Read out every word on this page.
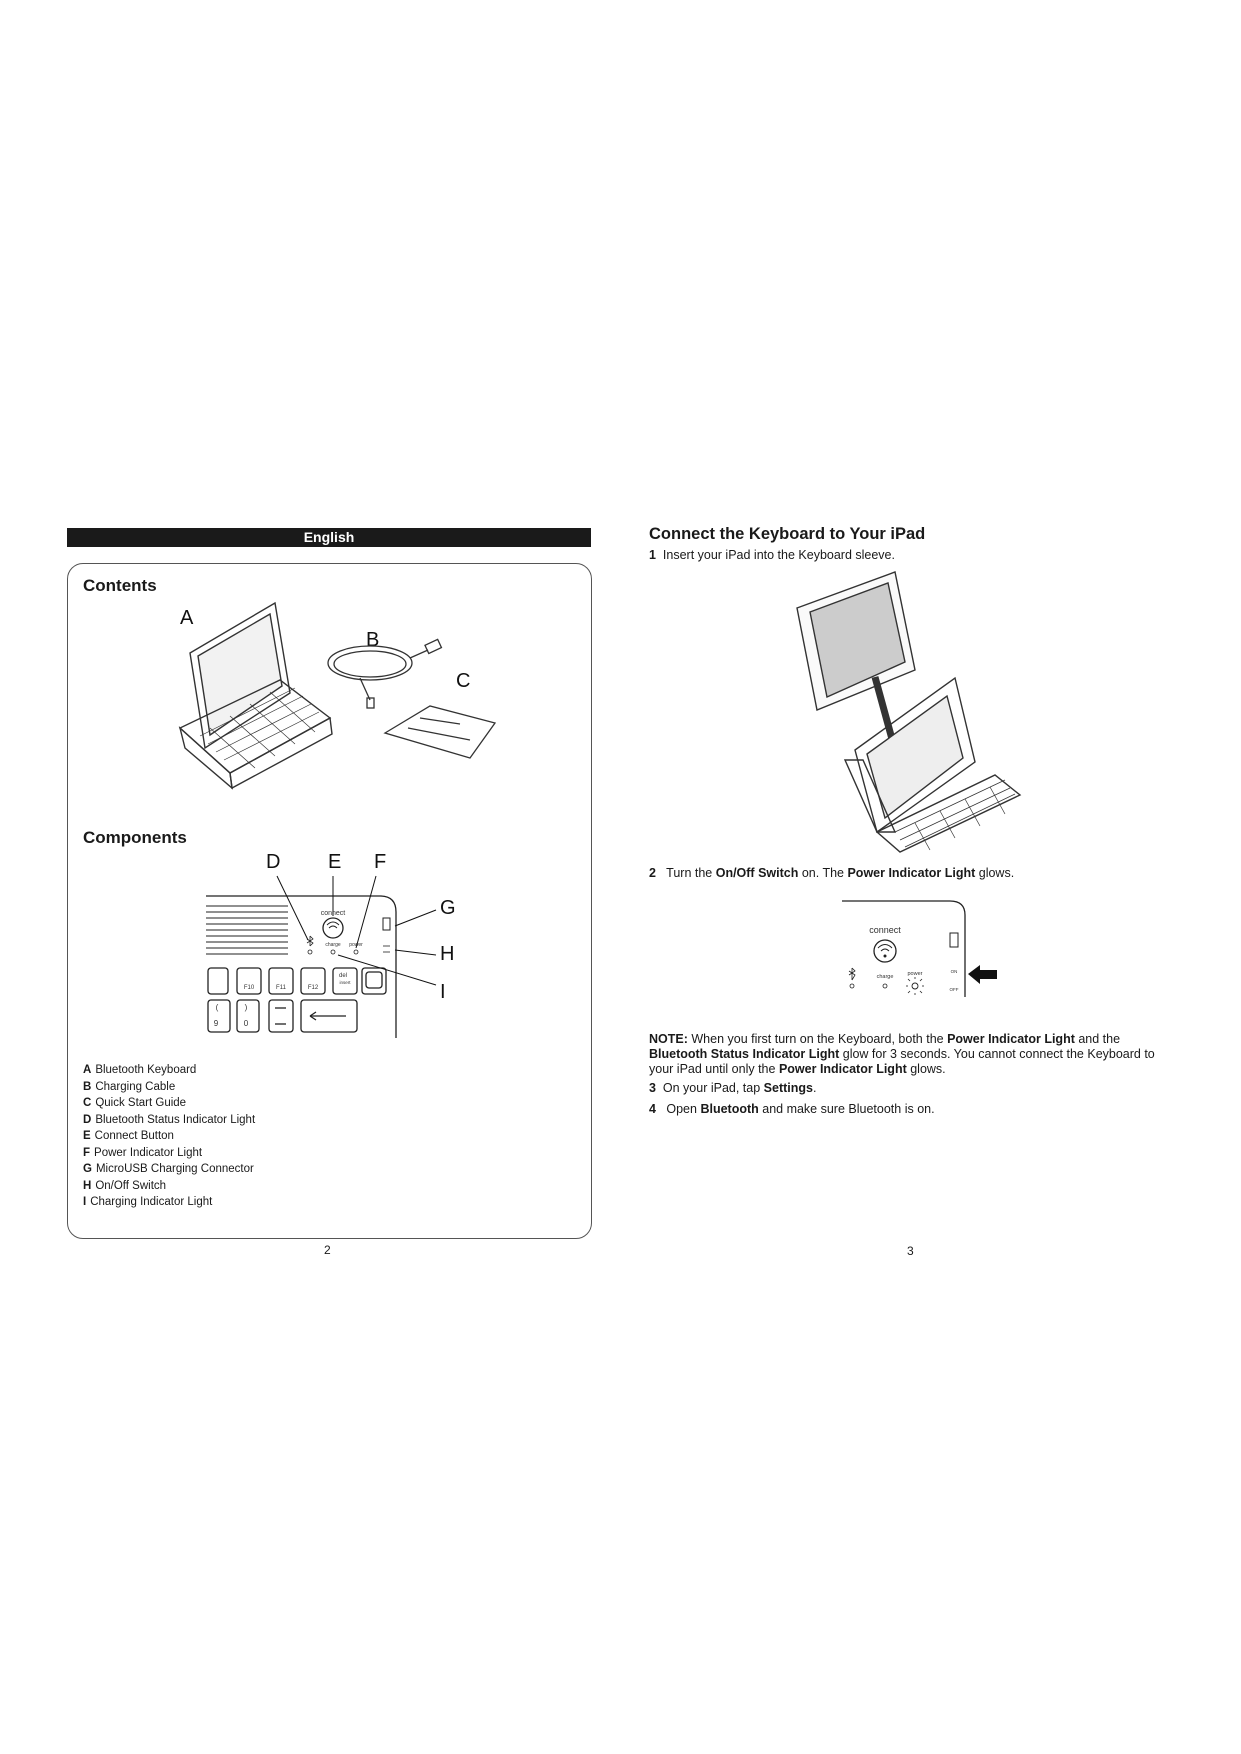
English
Contents
A
B
C
Components
D E F
G
H
I
connect
charge power
F10	F11	F12
del
insert
(
9
)
0
A Bluetooth Keyboard
B Charging Cable
C Quick Start Guide
D Bluetooth Status Indicator Light
E Connect Button
F Power Indicator Light
G MicroUSB Charging Connector
H On/Off Switch
I Charging Indicator Light
2
Connect the Keyboard to Your iPad
1 Insert your iPad into the Keyboard sleeve.
2 Turn the On/Off Switch on. The Power Indicator Light glows.
connect
charge	power	ON
OFF
NOTE: When you first turn on the Keyboard, both the Power Indicator Light and the Bluetooth Status Indicator Light glow for 3 seconds. You cannot connect the Keyboard to your iPad until only the Power Indicator Light glows.
3 On your iPad, tap Settings.
4 Open Bluetooth and make sure Bluetooth is on.
3
